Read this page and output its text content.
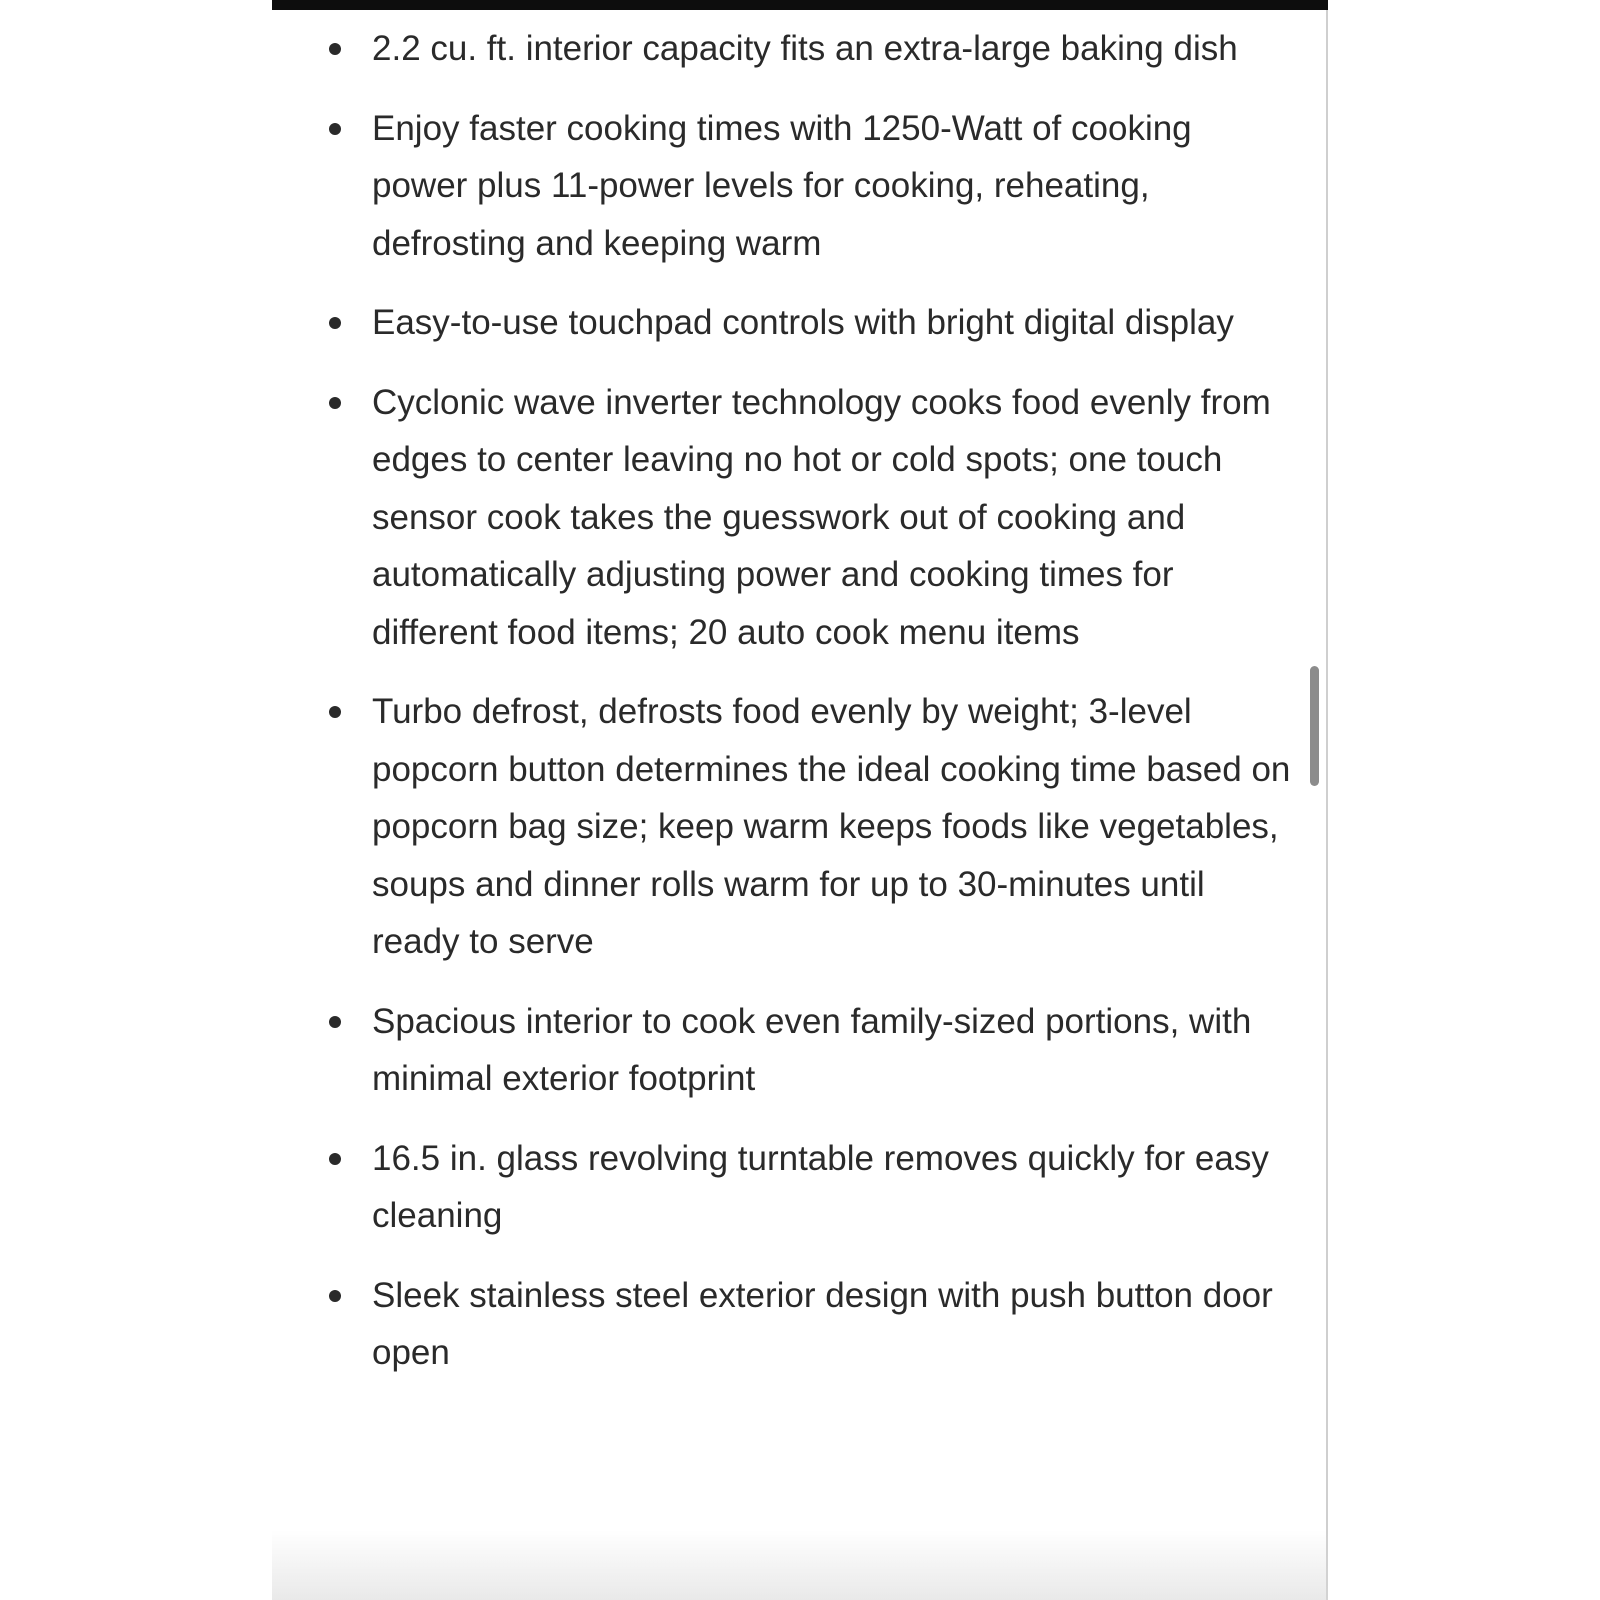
2.2 cu. ft. interior capacity fits an extra-large baking dish
Enjoy faster cooking times with 1250-Watt of cooking power plus 11-power levels for cooking, reheating, defrosting and keeping warm
Easy-to-use touchpad controls with bright digital display
Cyclonic wave inverter technology cooks food evenly from edges to center leaving no hot or cold spots; one touch sensor cook takes the guesswork out of cooking and automatically adjusting power and cooking times for different food items; 20 auto cook menu items
Turbo defrost, defrosts food evenly by weight; 3-level popcorn button determines the ideal cooking time based on popcorn bag size; keep warm keeps foods like vegetables, soups and dinner rolls warm for up to 30-minutes until ready to serve
Spacious interior to cook even family-sized portions, with minimal exterior footprint
16.5 in. glass revolving turntable removes quickly for easy cleaning
Sleek stainless steel exterior design with push button door open
